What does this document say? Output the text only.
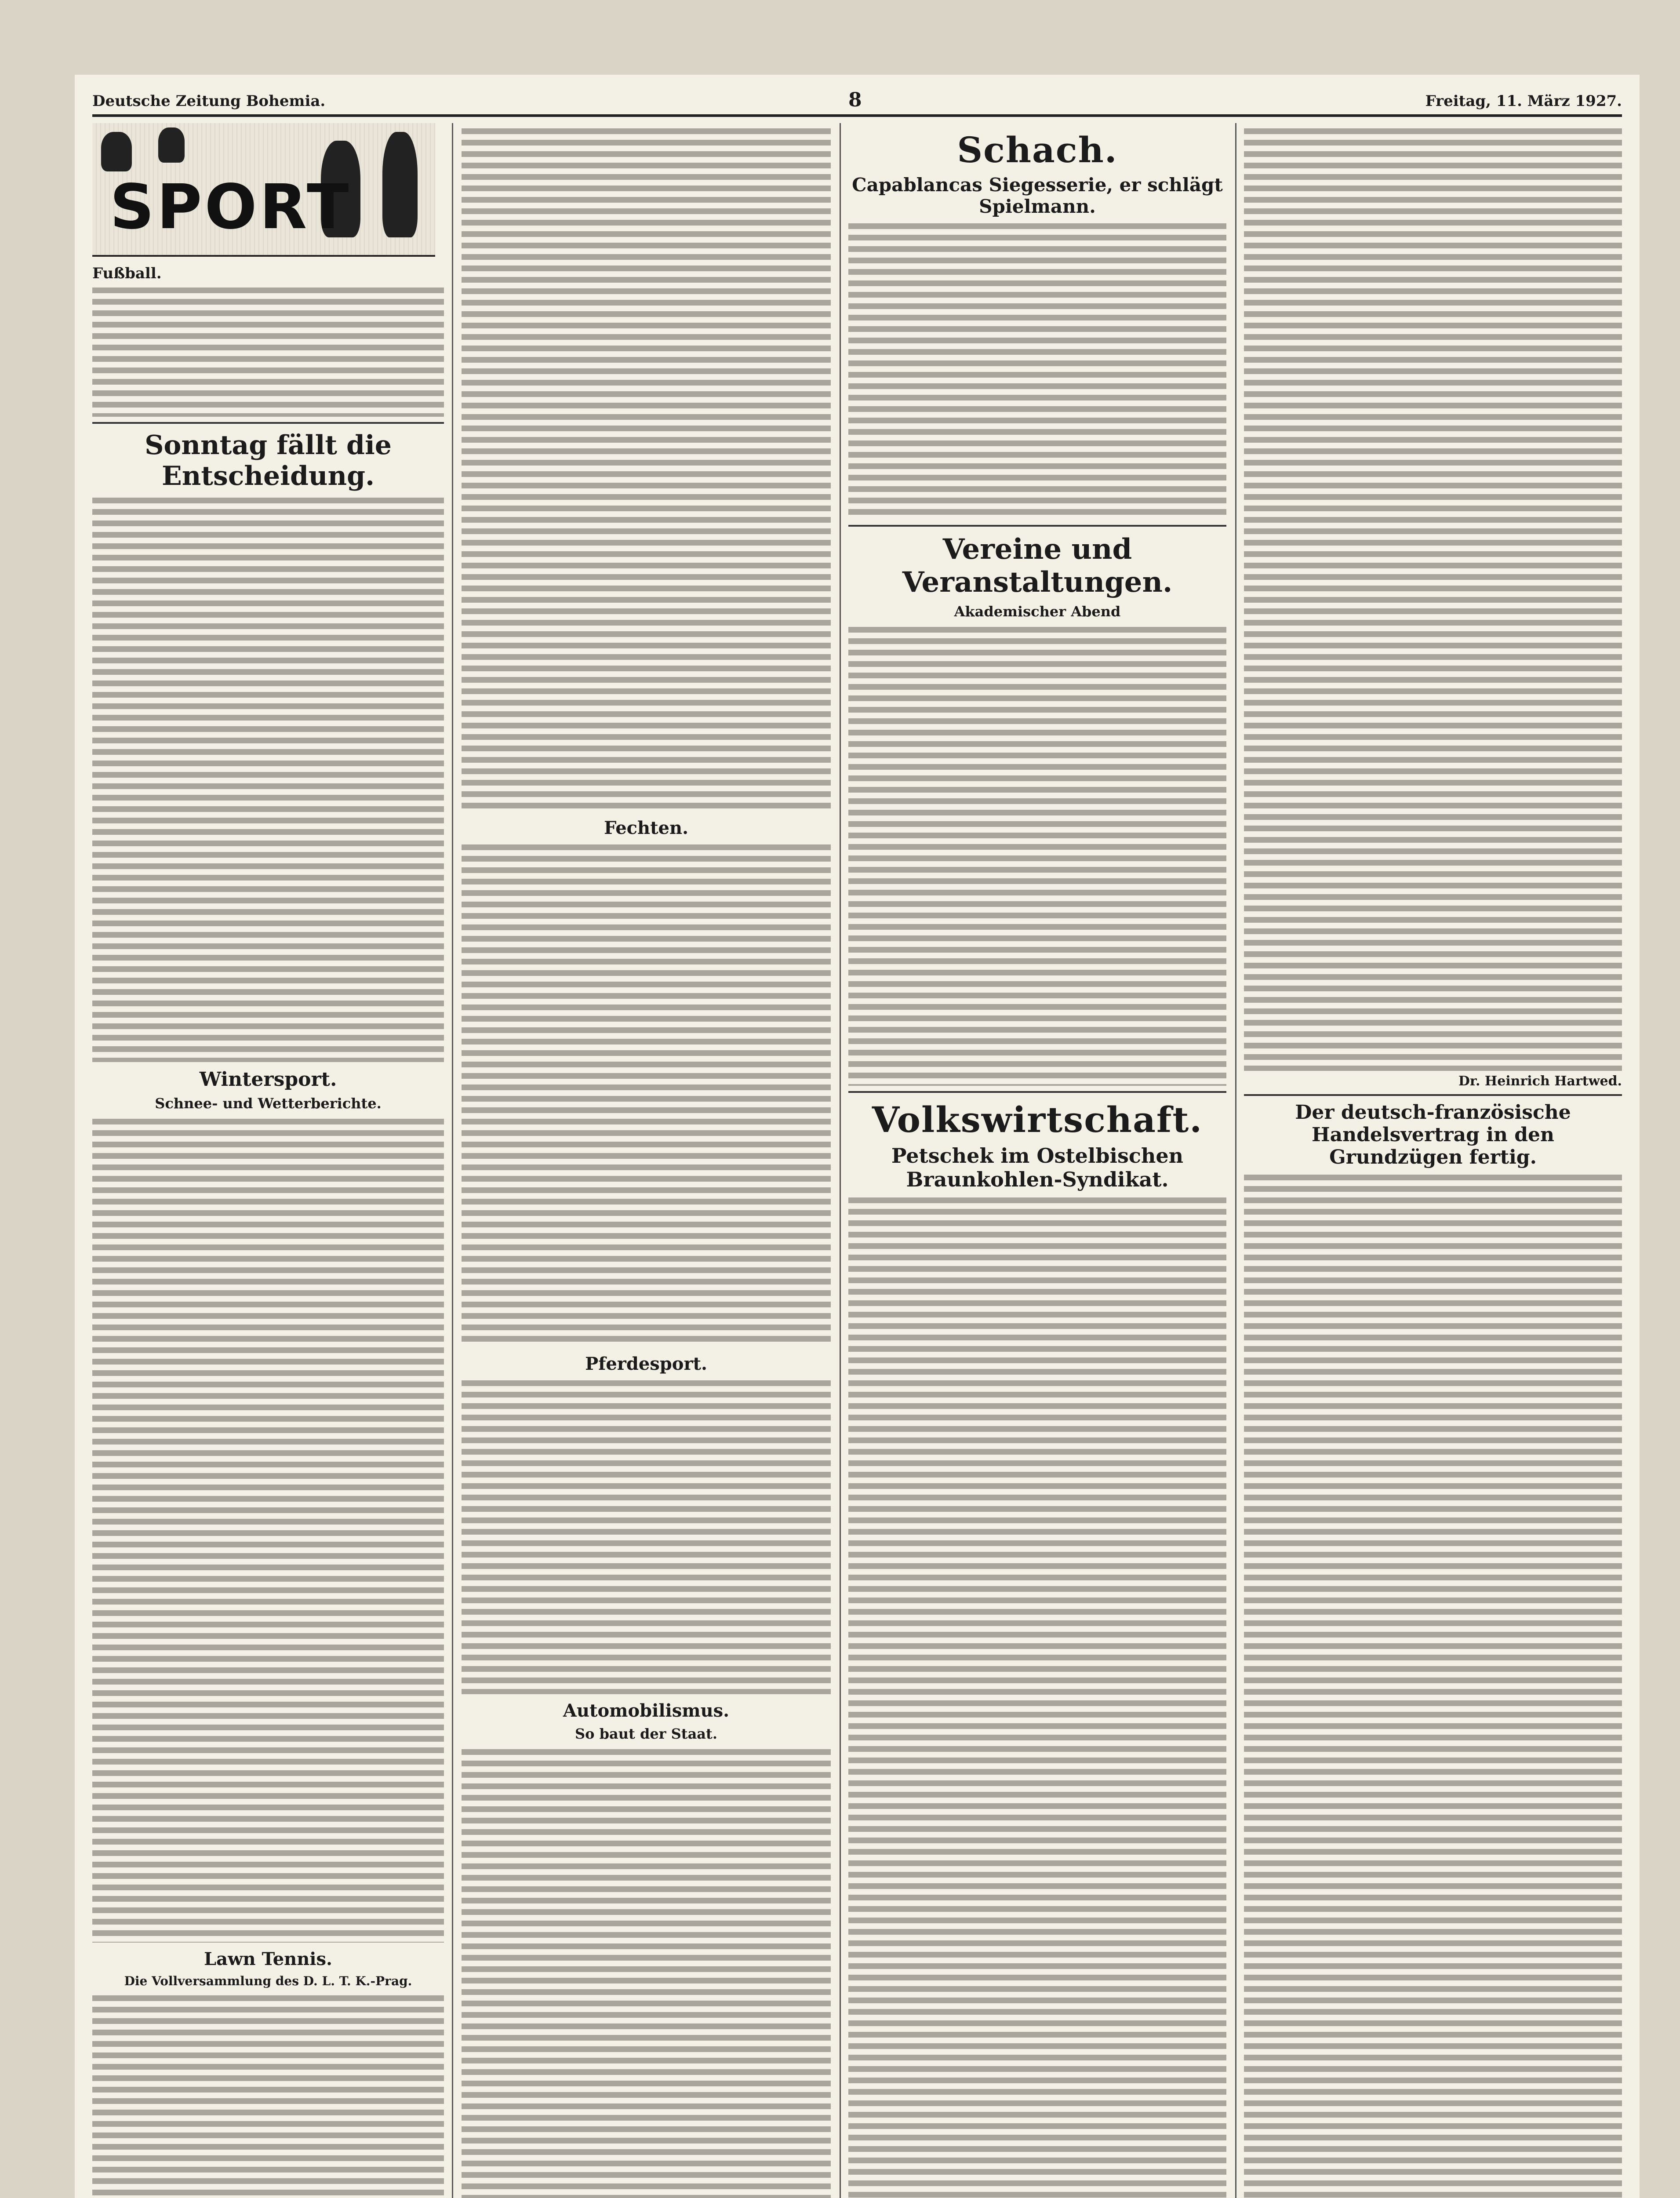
Deutsche Zeitung Bohemia.	8	Freitag, 11. März 1927.
SPORT
Fußball.
Sonntag fällt die Entscheidung.
Wintersport.
Schnee- und Wetterberichte.
Lawn Tennis.
Die Vollversammlung des D. L. T. K.-Prag.
Fechten.
Pferdesport.
Automobilismus.
So baut der Staat.
Schach.
Capablancas Siegesserie, er schlägt Spielmann.
Vereine und Veranstaltungen.
Akademischer Abend
Volkswirtschaft.
Petschek im Ostelbischen Braunkohlen-Syndikat.
Dr. Heinrich Hartwed.
Der deutsch-französische Handelsvertrag in den Grundzügen fertig.
